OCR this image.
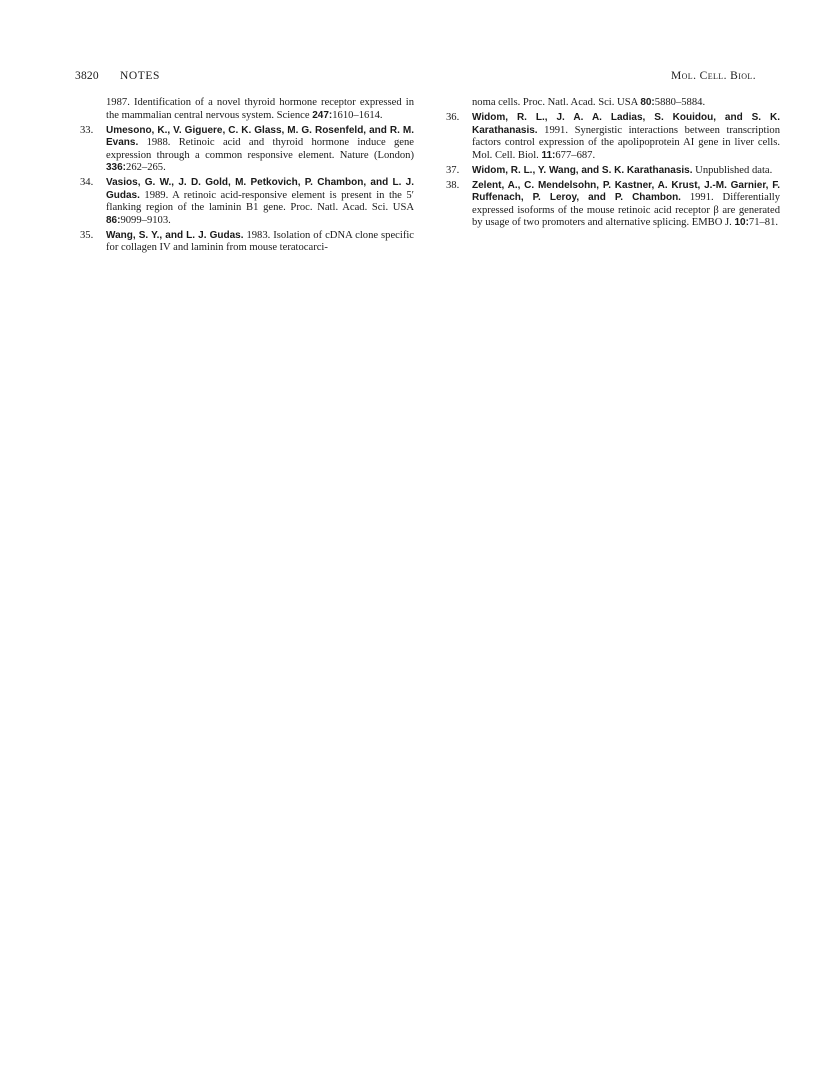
3820 NOTES	Mol. Cell. Biol.

1987. Identification of a novel thyroid hormone receptor expressed in the mammalian central nervous system. Science 247:1610–1614.

33. Umesono, K., V. Giguere, C. K. Glass, M. G. Rosenfeld, and R. M. Evans. 1988. Retinoic acid and thyroid hormone induce gene expression through a common responsive element. Nature (London) 336:262–265.

34. Vasios, G. W., J. D. Gold, M. Petkovich, P. Chambon, and L. J. Gudas. 1989. A retinoic acid-responsive element is present in the 5′ flanking region of the laminin B1 gene. Proc. Natl. Acad. Sci. USA 86:9099–9103.

35. Wang, S. Y., and L. J. Gudas. 1983. Isolation of cDNA clone specific for collagen IV and laminin from mouse teratocarci-

noma cells. Proc. Natl. Acad. Sci. USA 80:5880–5884.

36. Widom, R. L., J. A. A. Ladias, S. Kouidou, and S. K. Karathanasis. 1991. Synergistic interactions between transcription factors control expression of the apolipoprotein AI gene in liver cells. Mol. Cell. Biol. 11:677–687.

37. Widom, R. L., Y. Wang, and S. K. Karathanasis. Unpublished data.

38. Zelent, A., C. Mendelsohn, P. Kastner, A. Krust, J.-M. Garnier, F. Ruffenach, P. Leroy, and P. Chambon. 1991. Differentially expressed isoforms of the mouse retinoic acid receptor β are generated by usage of two promoters and alternative splicing. EMBO J. 10:71–81.
